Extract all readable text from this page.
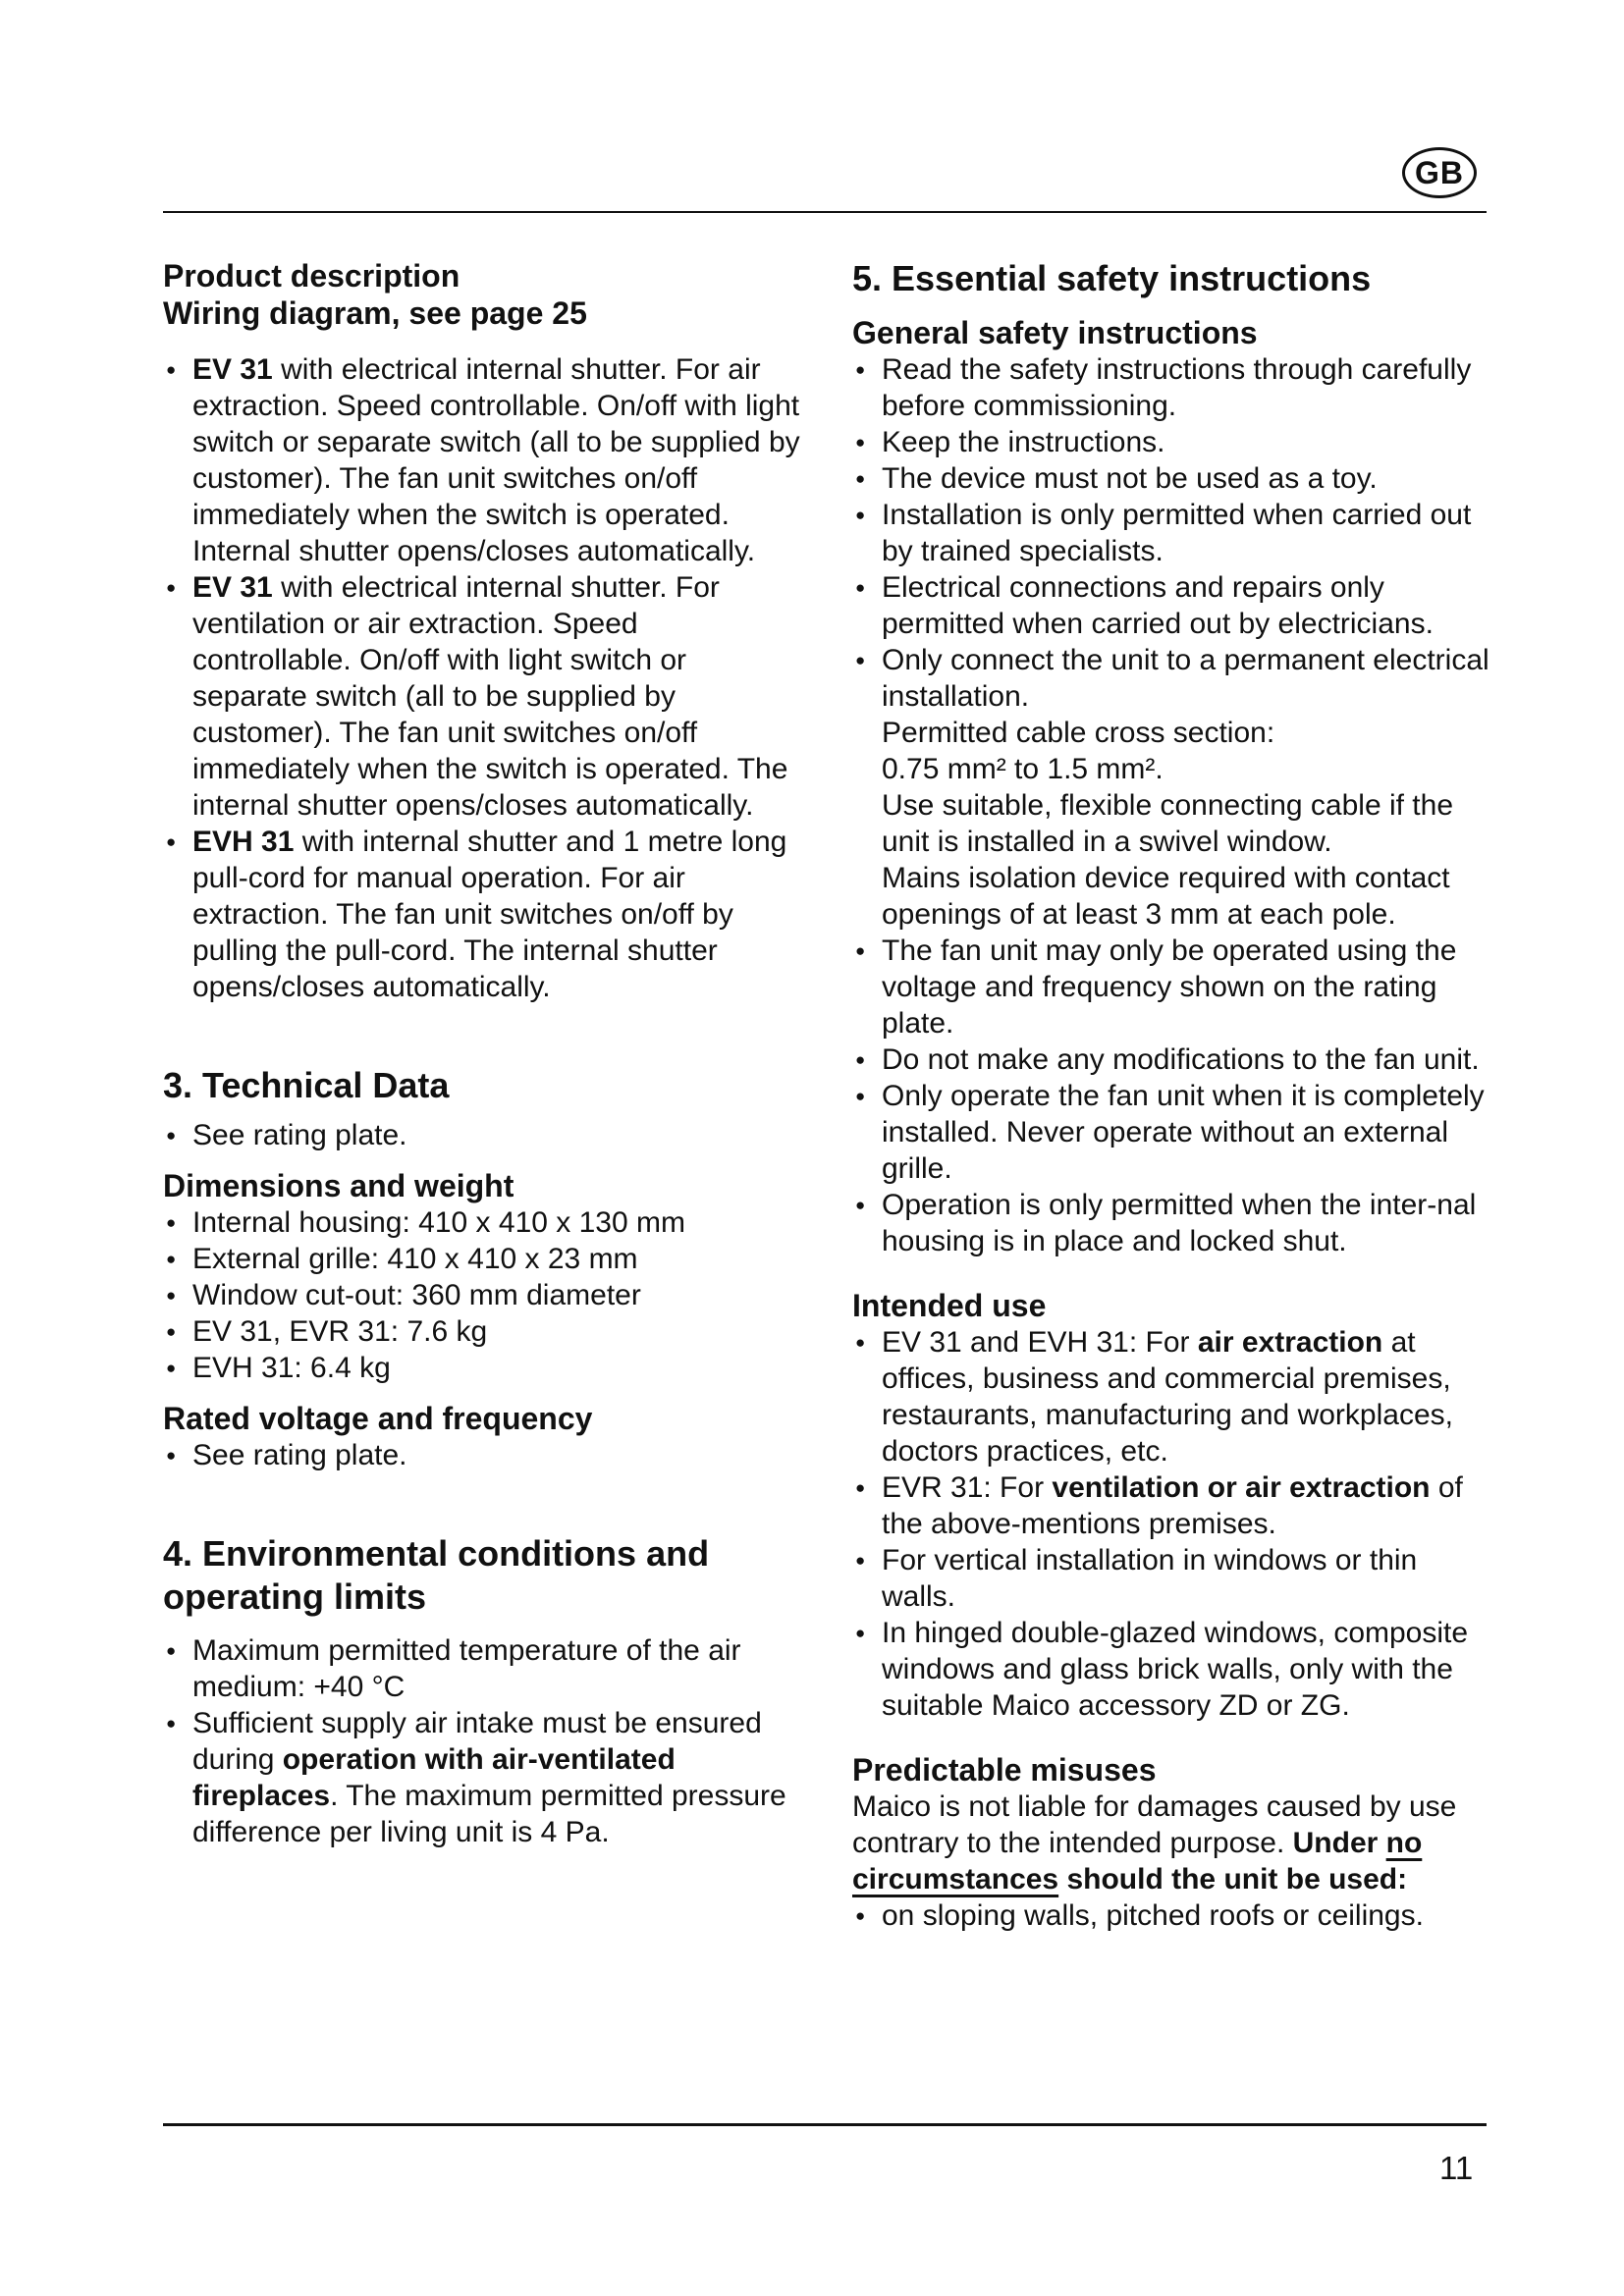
GB
Product description
Wiring diagram, see page 25
● EV 31 with electrical internal shutter. For air extraction. Speed controllable. On/off with light switch or separate switch (all to be supplied by customer). The fan unit switches on/off immediately when the switch is operated. Internal shutter opens/closes automatically.
● EV 31 with electrical internal shutter. For ventilation or air extraction. Speed controllable. On/off with light switch or separate switch (all to be supplied by customer). The fan unit switches on/off immediately when the switch is operated. The internal shutter opens/closes automatically.
● EVH 31 with internal shutter and 1 metre long pull-cord for manual operation. For air extraction. The fan unit switches on/off by pulling the pull-cord. The internal shutter opens/closes automatically.
3. Technical Data
● See rating plate.
Dimensions and weight
● Internal housing: 410 x 410 x 130 mm
● External grille: 410 x 410 x 23 mm
● Window cut-out: 360 mm diameter
● EV 31, EVR 31: 7.6 kg
● EVH 31: 6.4 kg
Rated voltage and frequency
● See rating plate.
4. Environmental conditions and operating limits
● Maximum permitted temperature of the air medium: +40 °C
● Sufficient supply air intake must be ensured during operation with air-ventilated fireplaces. The maximum permitted pressure difference per living unit is 4 Pa.
5. Essential safety instructions
General safety instructions
● Read the safety instructions through carefully before commissioning.
● Keep the instructions.
● The device must not be used as a toy.
● Installation is only permitted when carried out by trained specialists.
● Electrical connections and repairs only permitted when carried out by electricians.
● Only connect the unit to a permanent electrical installation.
Permitted cable cross section:
0.75 mm² to 1.5 mm².
Use suitable, flexible connecting cable if the unit is installed in a swivel window.
Mains isolation device required with contact openings of at least 3 mm at each pole.
● The fan unit may only be operated using the voltage and frequency shown on the rating plate.
● Do not make any modifications to the fan unit.
● Only operate the fan unit when it is completely installed. Never operate without an external grille.
● Operation is only permitted when the inter-nal housing is in place and locked shut.
Intended use
● EV 31 and EVH 31: For air extraction at offices, business and commercial premises, restaurants, manufacturing and workplaces, doctors practices, etc.
● EVR 31: For ventilation or air extraction of the above-mentions premises.
● For vertical installation in windows or thin walls.
● In hinged double-glazed windows, composite windows and glass brick walls, only with the suitable Maico accessory ZD or ZG.
Predictable misuses
Maico is not liable for damages caused by use contrary to the intended purpose. Under no circumstances should the unit be used:
● on sloping walls, pitched roofs or ceilings.
11
